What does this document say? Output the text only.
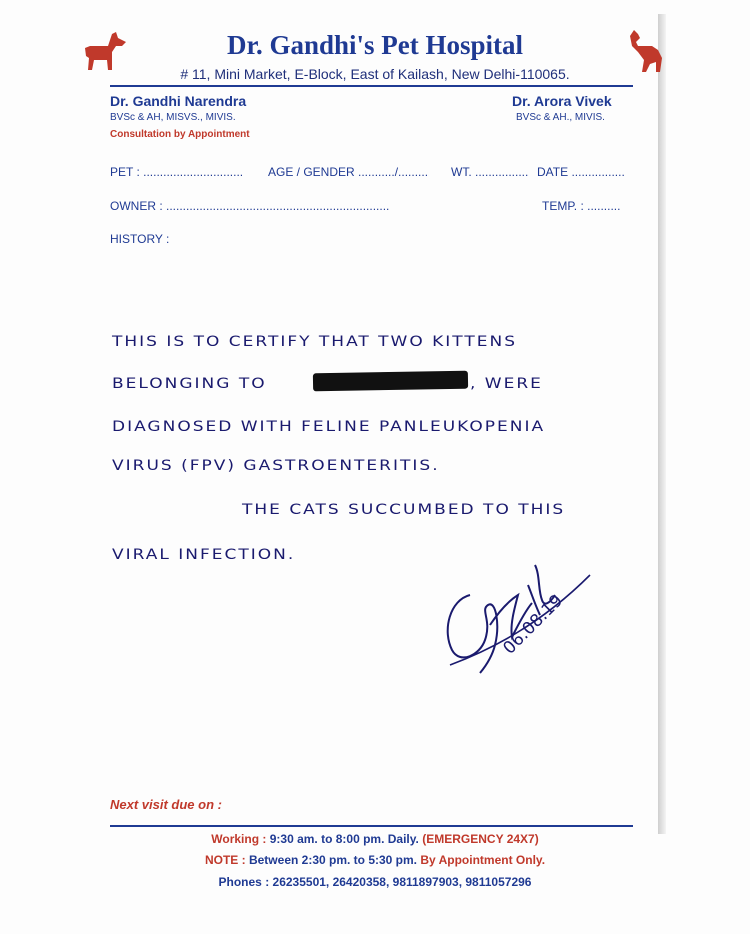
Dr. Gandhi's Pet Hospital
# 11, Mini Market, E-Block, East of Kailash, New Delhi-110065.
Dr. Gandhi Narendra
BVSc & AH, MISVS., MIVIS.
Consultation by Appointment
Dr. Arora Vivek
BVSc & AH., MIVIS.
PET : .............................. AGE / GENDER .........../......... WT. ................ DATE ................
OWNER : ...................................................................	TEMP. : ..........
HISTORY :
THIS IS TO CERTIFY THAT TWO KITTENS
BELONGING TO	, WERE
DIAGNOSED WITH FELINE PANLEUKOPENIA
VIRUS (FPV) GASTROENTERITIS.
THE CATS SUCCUMBED TO THIS
VIRAL INFECTION.
06.08.19
Next visit due on :
Working : 9:30 am. to 8:00 pm. Daily. (EMERGENCY 24X7)
NOTE : Between 2:30 pm. to 5:30 pm. By Appointment Only.
Phones : 26235501, 26420358, 9811897903, 9811057296
